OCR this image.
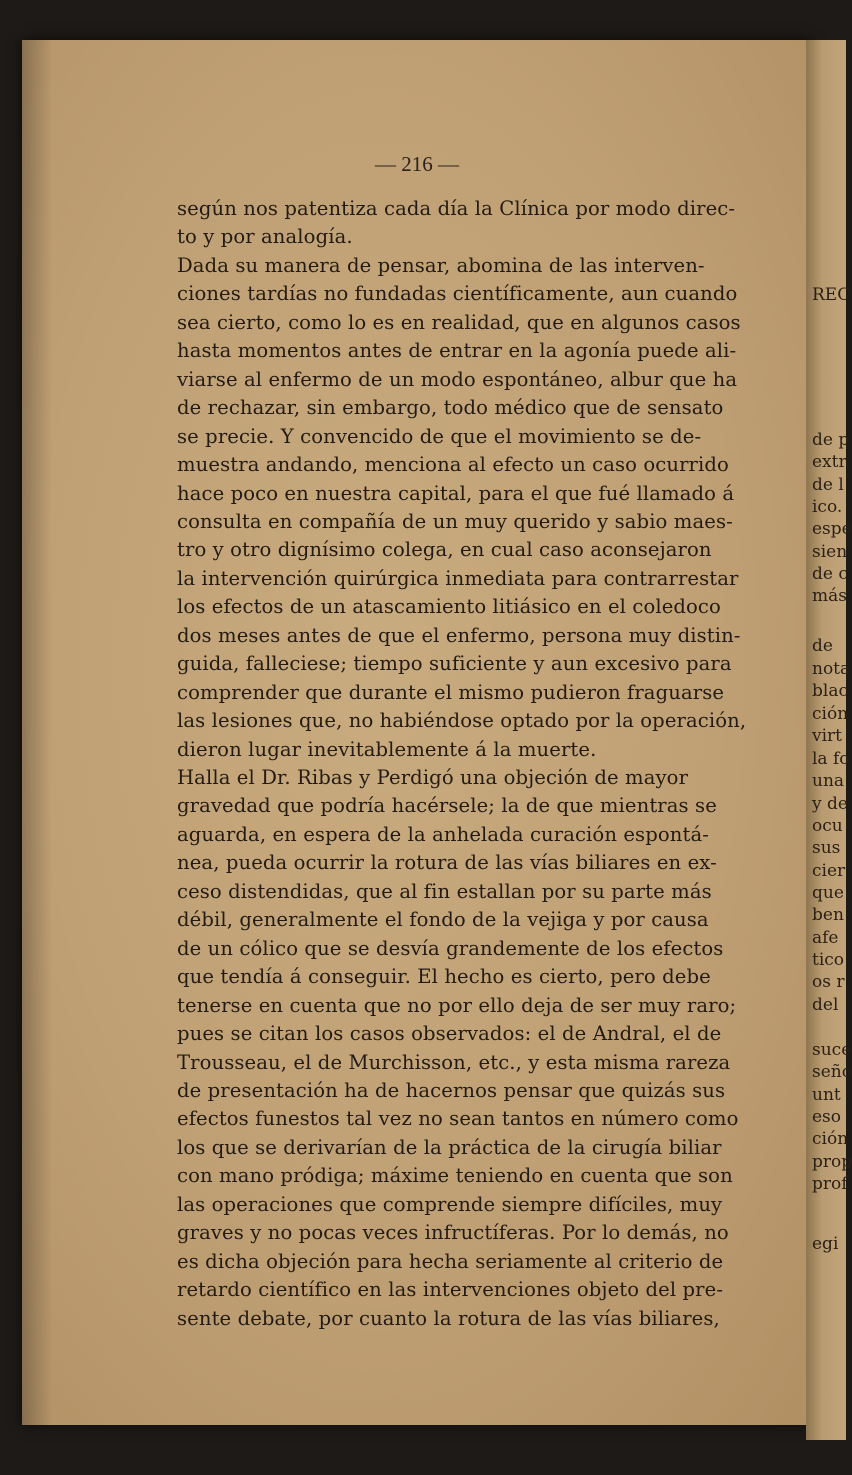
— 216 —
según nos patentiza cada día la Clínica por modo direc-
to y por analogía.
Dada su manera de pensar, abomina de las interven-
ciones tardías no fundadas científicamente, aun cuando
sea cierto, como lo es en realidad, que en algunos casos
hasta momentos antes de entrar en la agonía puede ali-
viarse al enfermo de un modo espontáneo, albur que ha
de rechazar, sin embargo, todo médico que de sensato
se precie. Y convencido de que el movimiento se de-
muestra andando, menciona al efecto un caso ocurrido
hace poco en nuestra capital, para el que fué llamado á
consulta en compañía de un muy querido y sabio maes-
tro y otro dignísimo colega, en cual caso aconsejaron
la intervención quirúrgica inmediata para contrarrestar
los efectos de un atascamiento litiásico en el coledoco
dos meses antes de que el enfermo, persona muy distin-
guida, falleciese; tiempo suficiente y aun excesivo para
comprender que durante el mismo pudieron fraguarse
las lesiones que, no habiéndose optado por la operación,
dieron lugar inevitablemente á la muerte.
Halla el Dr. Ribas y Perdigó una objeción de mayor
gravedad que podría hacérsele; la de que mientras se
aguarda, en espera de la anhelada curación espontá-
nea, pueda ocurrir la rotura de las vías biliares en ex-
ceso distendidas, que al fin estallan por su parte más
débil, generalmente el fondo de la vejiga y por causa
de un cólico que se desvía grandemente de los efectos
que tendía á conseguir. El hecho es cierto, pero debe
tenerse en cuenta que no por ello deja de ser muy raro;
pues se citan los casos observados: el de Andral, el de
Trousseau, el de Murchisson, etc., y esta misma rareza
de presentación ha de hacernos pensar que quizás sus
efectos funestos tal vez no sean tantos en número como
los que se derivarían de la práctica de la cirugía biliar
con mano pródiga; máxime teniendo en cuenta que son
las operaciones que comprende siempre difíciles, muy
graves y no pocas veces infructíferas. Por lo demás, no
es dicha objeción para hecha seriamente al criterio de
retardo científico en las intervenciones objeto del pre-
sente debate, por cuanto la rotura de las vías biliares,
REC
de p
extr
de l
ico.
espe
sien
de c
más
de
nota
blac
ción
virt
la fo
una
y de
ocu
sus
cier
que
ben
afe
tico
os r
del
suce
seño
unt
eso
ción
prop
prof
egi
